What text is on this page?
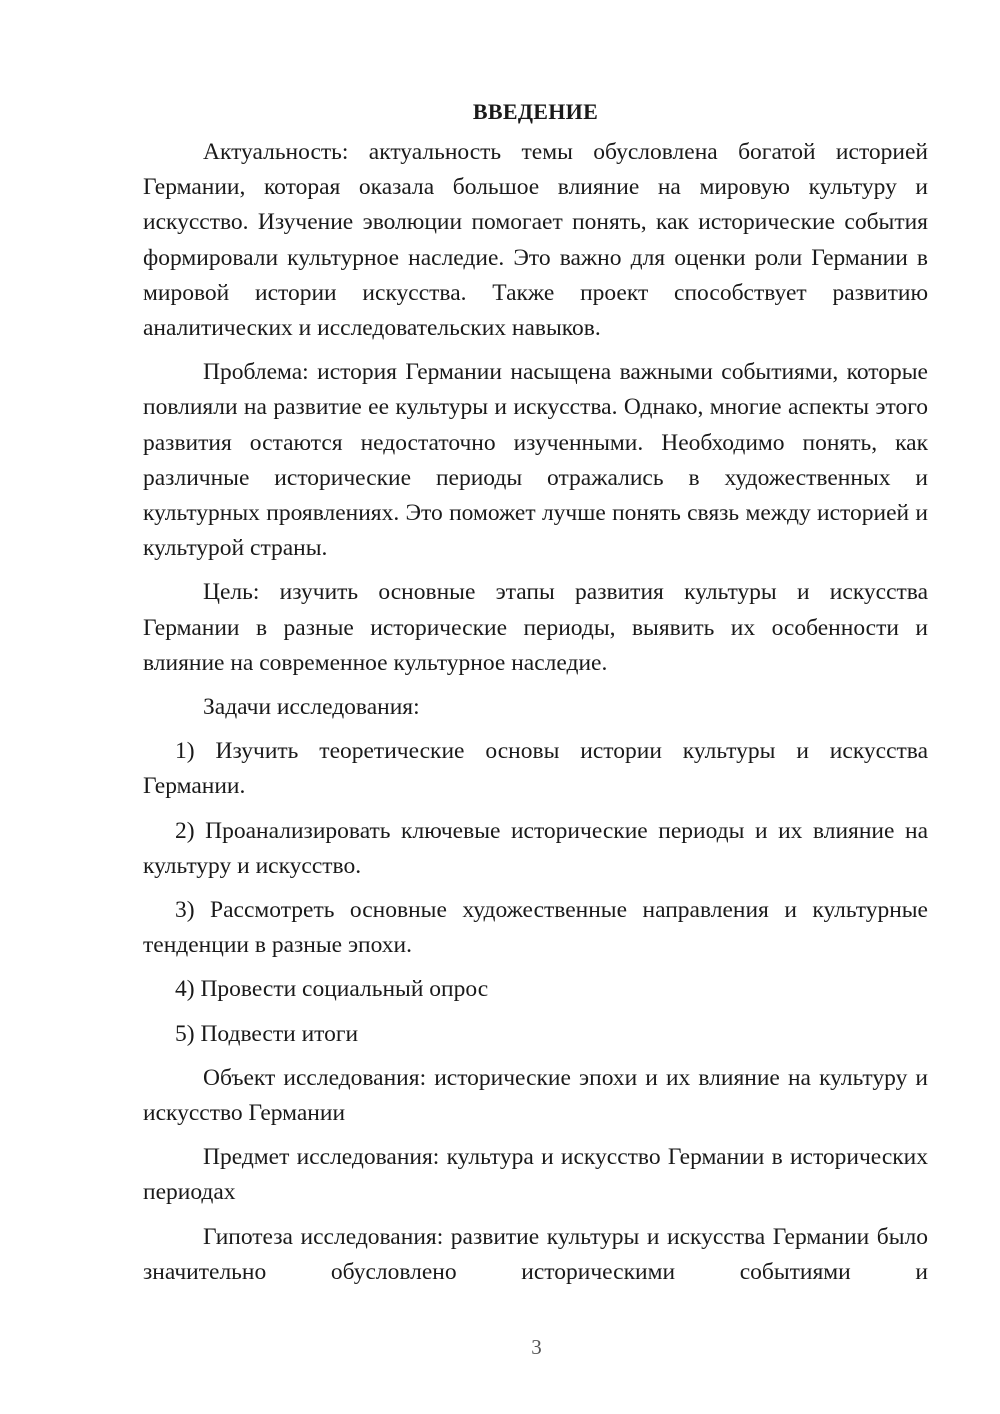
ВВЕДЕНИЕ

Актуальность: актуальность темы обусловлена богатой историей Германии, которая оказала большое влияние на мировую культуру и искусство. Изучение эволюции помогает понять, как исторические события формировали культурное наследие. Это важно для оценки роли Германии в мировой истории искусства. Также проект способствует развитию аналитических и исследовательских навыков.

Проблема: история Германии насыщена важными событиями, которые повлияли на развитие ее культуры и искусства. Однако, многие аспекты этого развития остаются недостаточно изученными. Необходимо понять, как различные исторические периоды отражались в художественных и культурных проявлениях. Это поможет лучше понять связь между историей и культурой страны.

Цель: изучить основные этапы развития культуры и искусства Германии в разные исторические периоды, выявить их особенности и влияние на современное культурное наследие.

Задачи исследования:

1) Изучить теоретические основы истории культуры и искусства Германии.

2) Проанализировать ключевые исторические периоды и их влияние на культуру и искусство.

3) Рассмотреть основные художественные направления и культурные тенденции в разные эпохи.

4) Провести социальный опрос

5) Подвести итоги

Объект исследования: исторические эпохи и их влияние на культуру и искусство Германии

Предмет исследования: культура и искусство Германии в исторических периодах

Гипотеза исследования: развитие культуры и искусства Германии было значительно обусловлено историческими событиями и

3
